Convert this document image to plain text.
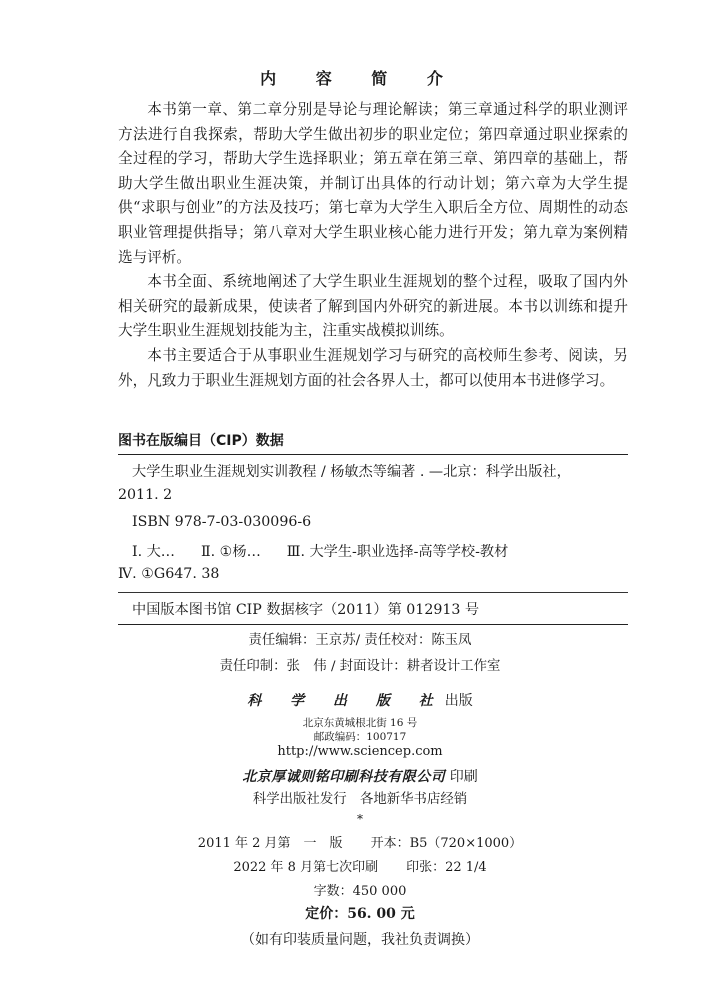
内 容 简 介

本书第一章、第二章分别是导论与理论解读；第三章通过科学的职业测评方法进行自我探索，帮助大学生做出初步的职业定位；第四章通过职业探索的全过程的学习，帮助大学生选择职业；第五章在第三章、第四章的基础上，帮助大学生做出职业生涯决策，并制订出具体的行动计划；第六章为大学生提供“求职与创业”的方法及技巧；第七章为大学生入职后全方位、周期性的动态职业管理提供指导；第八章对大学生职业核心能力进行开发；第九章为案例精选与评析。

本书全面、系统地阐述了大学生职业生涯规划的整个过程，吸取了国内外相关研究的最新成果，使读者了解到国内外研究的新进展。本书以训练和提升大学生职业生涯规划技能为主，注重实战模拟训练。

本书主要适合于从事职业生涯规划学习与研究的高校师生参考、阅读，另外，凡致力于职业生涯规划方面的社会各界人士，都可以使用本书进修学习。

图书在版编目（CIP）数据
大学生职业生涯规划实训教程 / 杨敏杰等编著 . —北京：科学出版社，
2011. 2
ISBN 978-7-03-030096-6
Ⅰ. 大… Ⅱ. ①杨… Ⅲ. 大学生-职业选择-高等学校-教材
Ⅳ. ①G647. 38
中国版本图书馆 CIP 数据核字（2011）第 012913 号
责任编辑：王京苏/ 责任校对：陈玉凤
责任印制：张　伟 / 封面设计：耕者设计工作室
科 学 出 版 社出版
北京东黄城根北街 16 号
邮政编码：100717
http://www.sciencep.com
北京厚诚则铭印刷科技有限公司 印刷
科学出版社发行　各地新华书店经销
*
2011 年 2 月第　一　版 开本：B5（720×1000）
2022 年 8 月第七次印刷 印张：22 1/4
字数：450 000
定价：56. 00 元
（如有印装质量问题，我社负责调换）
